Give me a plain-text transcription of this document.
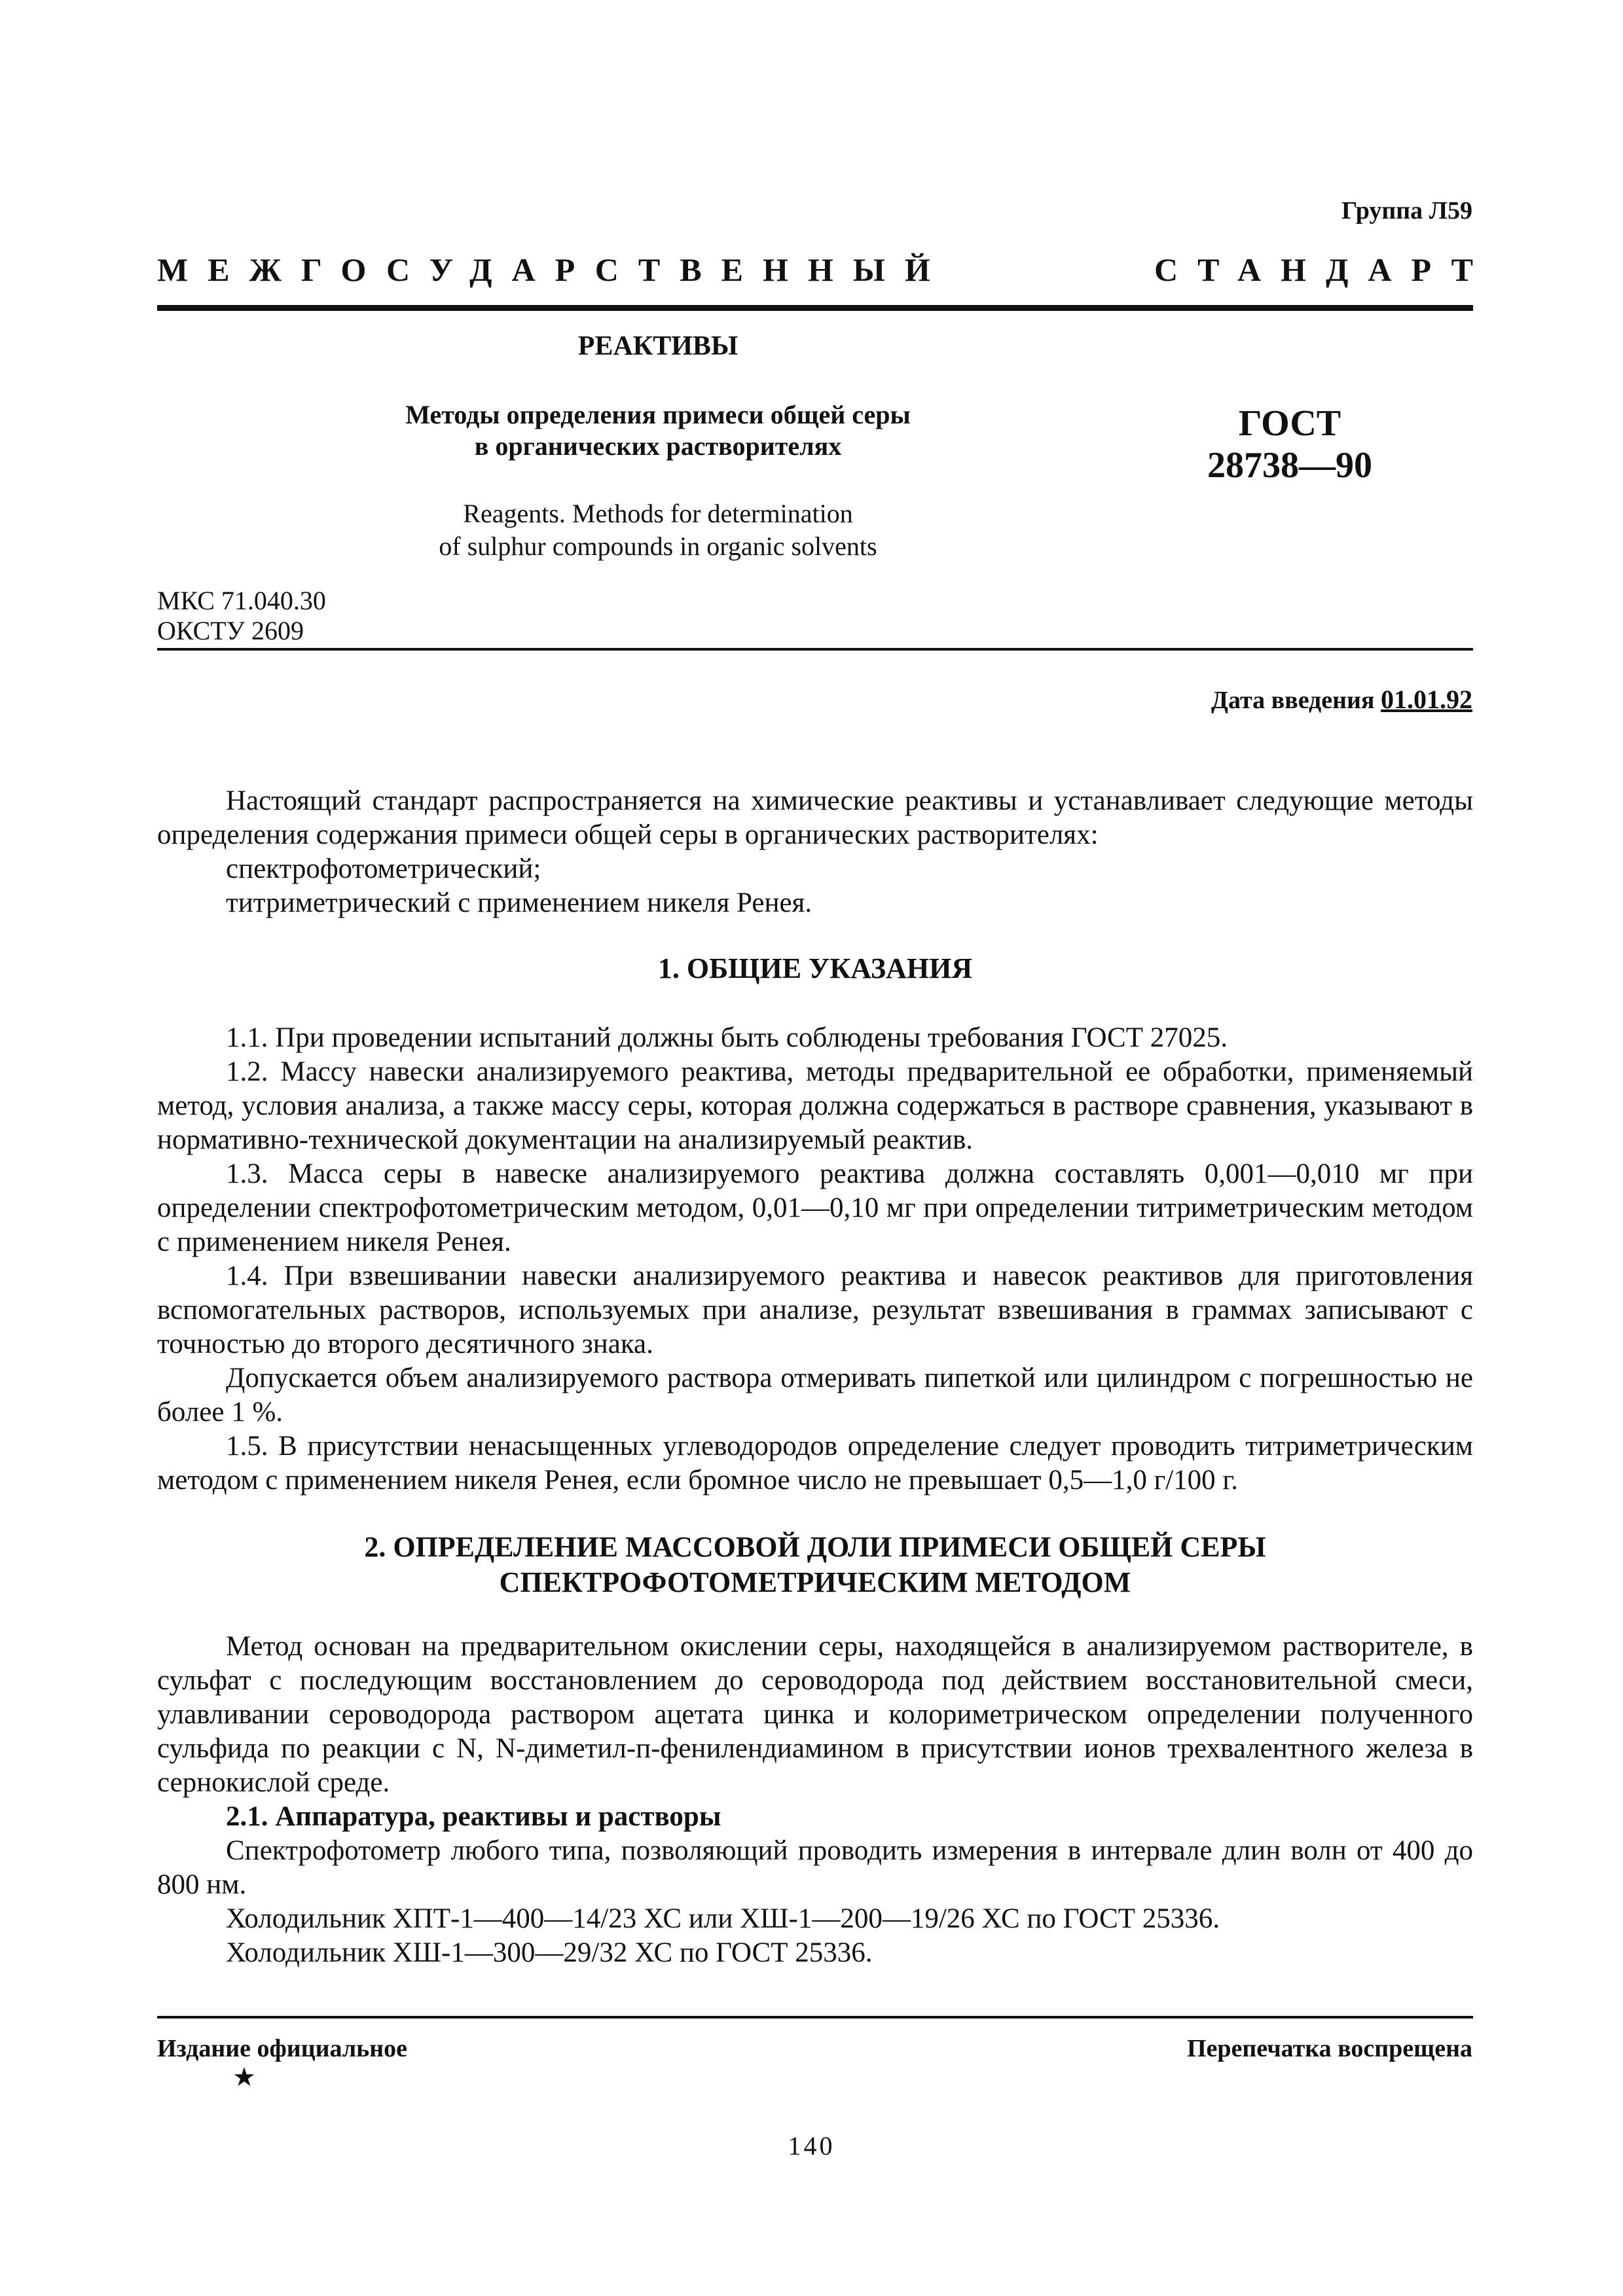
Группа Л59
МЕЖГОСУДАРСТВЕННЫЙ	СТАНДАРТ
РЕАКТИВЫ
Методы определения примеси общей серы
в органических растворителях
Reagents. Methods for determination
of sulphur compounds in organic solvents
ГОСТ
28738—90
МКС 71.040.30
ОКСТУ 2609
Дата введения 01.01.92

Настоящий стандарт распространяется на химические реактивы и устанавливает следующие методы определения содержания примеси общей серы в органических растворителях:

спектрофотометрический;

титриметрический с применением никеля Ренея.

1. ОБЩИЕ УКАЗАНИЯ

1.1. При проведении испытаний должны быть соблюдены требования ГОСТ 27025.

1.2. Массу навески анализируемого реактива, методы предварительной ее обработки, применяемый метод, условия анализа, а также массу серы, которая должна содержаться в растворе сравнения, указывают в нормативно-технической документации на анализируемый реактив.

1.3. Масса серы в навеске анализируемого реактива должна составлять 0,001—0,010 мг при определении спектрофотометрическим методом, 0,01—0,10 мг при определении титриметрическим методом с применением никеля Ренея.

1.4. При взвешивании навески анализируемого реактива и навесок реактивов для приготовления вспомогательных растворов, используемых при анализе, результат взвешивания в граммах записывают с точностью до второго десятичного знака.

Допускается объем анализируемого раствора отмеривать пипеткой или цилиндром с погрешностью не более 1 %.

1.5. В присутствии ненасыщенных углеводородов определение следует проводить титриметрическим методом с применением никеля Ренея, если бромное число не превышает 0,5—1,0 г/100 г.

2. ОПРЕДЕЛЕНИЕ МАССОВОЙ ДОЛИ ПРИМЕСИ ОБЩЕЙ СЕРЫ
СПЕКТРОФОТОМЕТРИЧЕСКИМ МЕТОДОМ

Метод основан на предварительном окислении серы, находящейся в анализируемом растворителе, в сульфат с последующим восстановлением до сероводорода под действием восстановительной смеси, улавливании сероводорода раствором ацетата цинка и колориметрическом определении полученного сульфида по реакции с N, N-диметил-п-фенилендиамином в присутствии ионов трехвалентного железа в сернокислой среде.

2.1. Аппаратура, реактивы и растворы

Спектрофотометр любого типа, позволяющий проводить измерения в интервале длин волн от 400 до 800 нм.

Холодильник ХПТ-1—400—14/23 ХС или ХШ-1—200—19/26 ХС по ГОСТ 25336.

Холодильник ХШ-1—300—29/32 ХС по ГОСТ 25336.

Издание официальное	Перепечатка воспрещена
★
140
